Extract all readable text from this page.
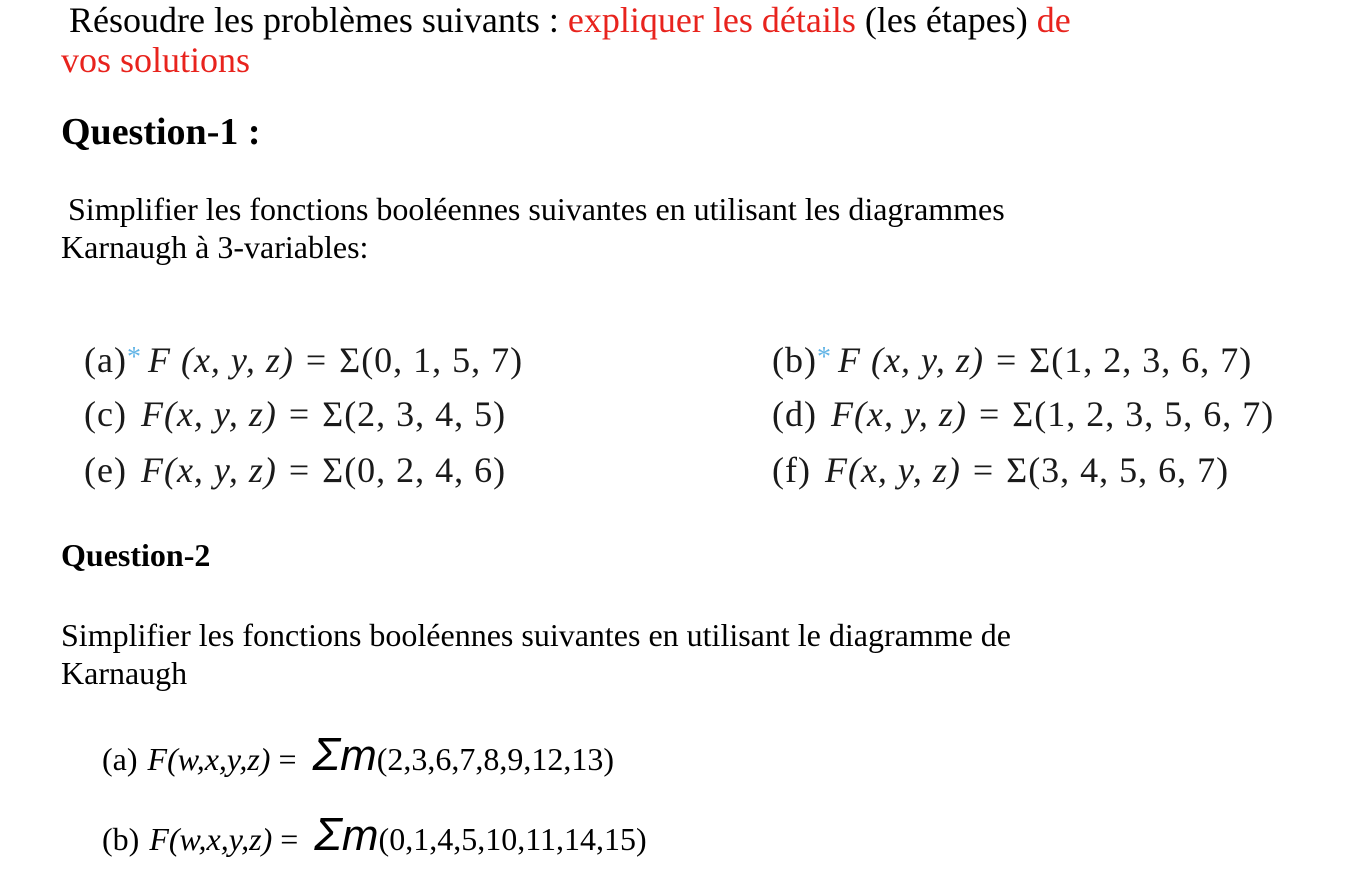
Résoudre les problèmes suivants : expliquer les détails (les étapes) de
vos solutions
Question-1 :
Simplifier les fonctions booléennes suivantes en utilisant les diagrammes
Karnaugh à 3-variables:
(a)* F (x, y, z) = Σ(0, 1, 5, 7)
(c) F(x, y, z) = Σ(2, 3, 4, 5)
(e) F(x, y, z) = Σ(0, 2, 4, 6)
(b)* F (x, y, z) = Σ(1, 2, 3, 6, 7)
(d) F(x, y, z) = Σ(1, 2, 3, 5, 6, 7)
(f) F(x, y, z) = Σ(3, 4, 5, 6, 7)
Question-2
Simplifier les fonctions booléennes suivantes en utilisant le diagramme de
Karnaugh
(a) F(w,x,y,z) = Σm(2,3,6,7,8,9,12,13)
(b) F(w,x,y,z) = Σm(0,1,4,5,10,11,14,15)
